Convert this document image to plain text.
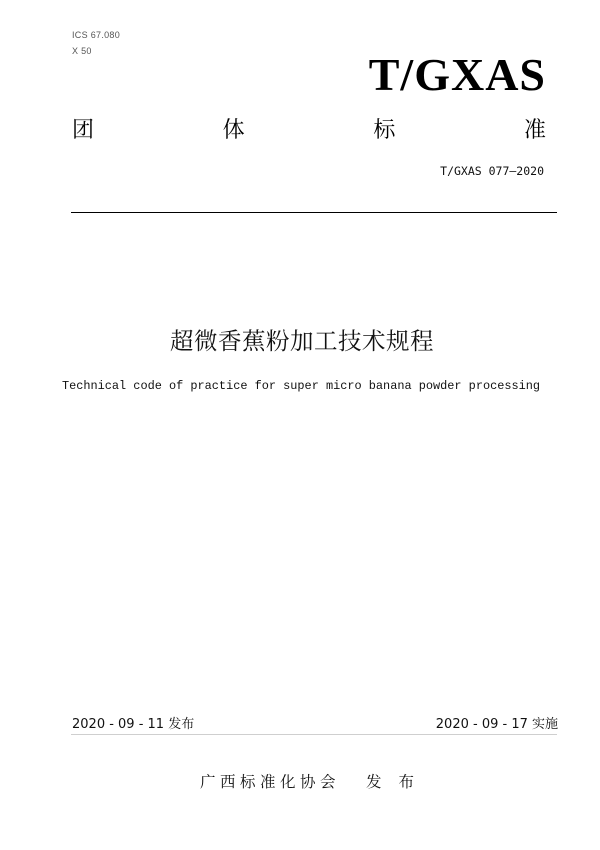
ICS 67.080
X 50	T/GXAS
团	体	标	准
T/GXAS 077—2020
超微香蕉粉加工技术规程
Technical code of practice for super micro banana powder processing
2020 - 09 - 11 发布	2020 - 09 - 17 实施
广西标准化协会 发 布
